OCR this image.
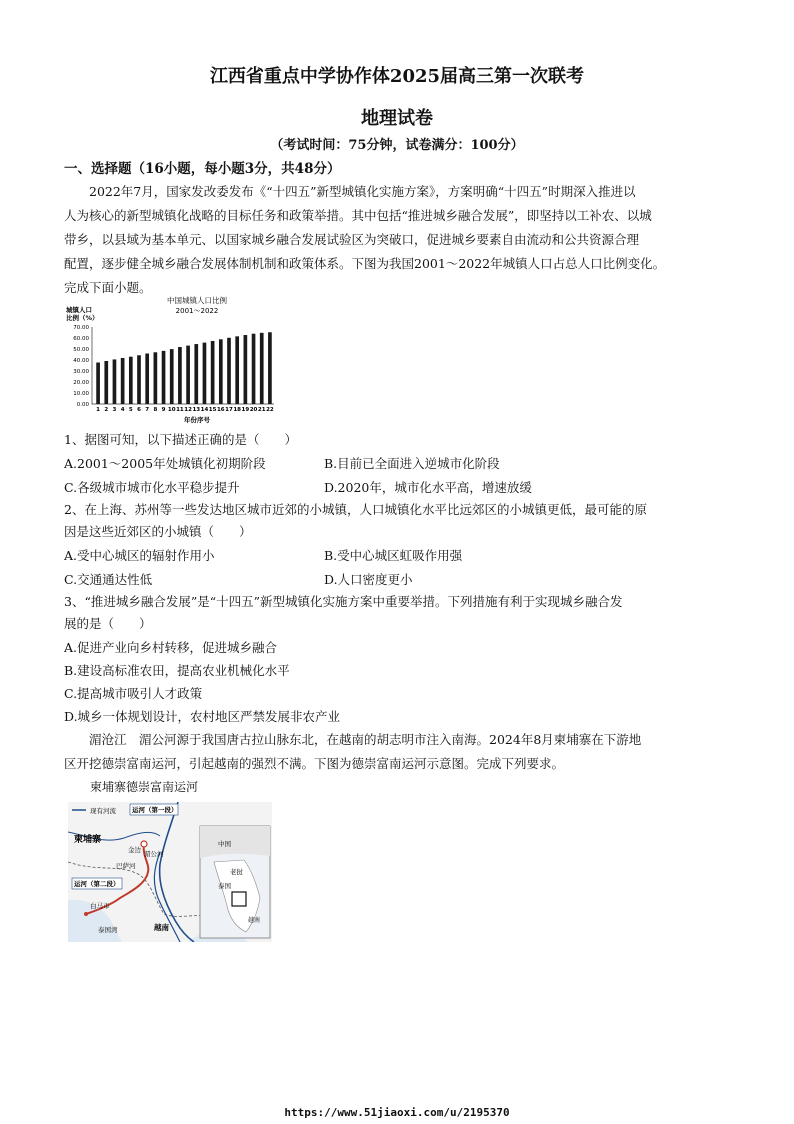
江西省重点中学协作体2025届高三第一次联考
地理试卷
（考试时间：75分钟，试卷满分：100分）
一、选择题（16小题，每小题3分，共48分）
2022年7月，国家发改委发布《“十四五”新型城镇化实施方案》，方案明确“十四五”时期深入推进以
人为核心的新型城镇化战略的目标任务和政策举措。其中包括“推进城乡融合发展”，即坚持以工补农、以城
带乡，以县域为基本单元、以国家城乡融合发展试验区为突破口，促进城乡要素自由流动和公共资源合理
配置，逐步健全城乡融合发展体制机制和政策体系。下图为我国2001～2022年城镇人口占总人口比例变化。
完成下面小题。
中国城镇人口比例
2001～2022
城镇人口
比例（%）
0.00
10.00
20.00
30.00
40.00
50.00
60.00
70.00
1 2 3 4 5 6 7 8 9 10 11 12 13 14 15 16 17 18 19 20 21 22
年份序号
1、据图可知，以下描述正确的是（　　）
A.2001～2005年处城镇化初期阶段	B.目前已全面进入逆城市化阶段
C.各级城市城市化水平稳步提升	D.2020年，城市化水平高，增速放缓
2、在上海、苏州等一些发达地区城市近郊的小城镇，人口城镇化水平比远郊区的小城镇更低，最可能的原
因是这些近郊区的小城镇（　　）
A.受中心城区的辐射作用小	B.受中心城区虹吸作用强
C.交通通达性低	D.人口密度更小
3、“推进城乡融合发展”是“十四五”新型城镇化实施方案中重要举措。下列措施有利于实现城乡融合发
展的是（　　）
A.促进产业向乡村转移，促进城乡融合
B.建设高标准农田，提高农业机械化水平
C.提高城市吸引人才政策
D.城乡一体规划设计，农村地区严禁发展非农产业
湄沧江　湄公河源于我国唐古拉山脉东北，在越南的胡志明市注入南海。2024年8月柬埔寨在下游地
区开挖德崇富南运河，引起越南的强烈不满。下图为德崇富南运河示意图。完成下列要求。
柬埔寨德崇富南运河
现有河流 运河（第一段）
柬埔寨
金边
巴萨河
湄公河
运河（第二段）
白马市
泰国湾	越南
中国
老挝
泰国
越南
https://www.51jiaoxi.com/u/2195370
